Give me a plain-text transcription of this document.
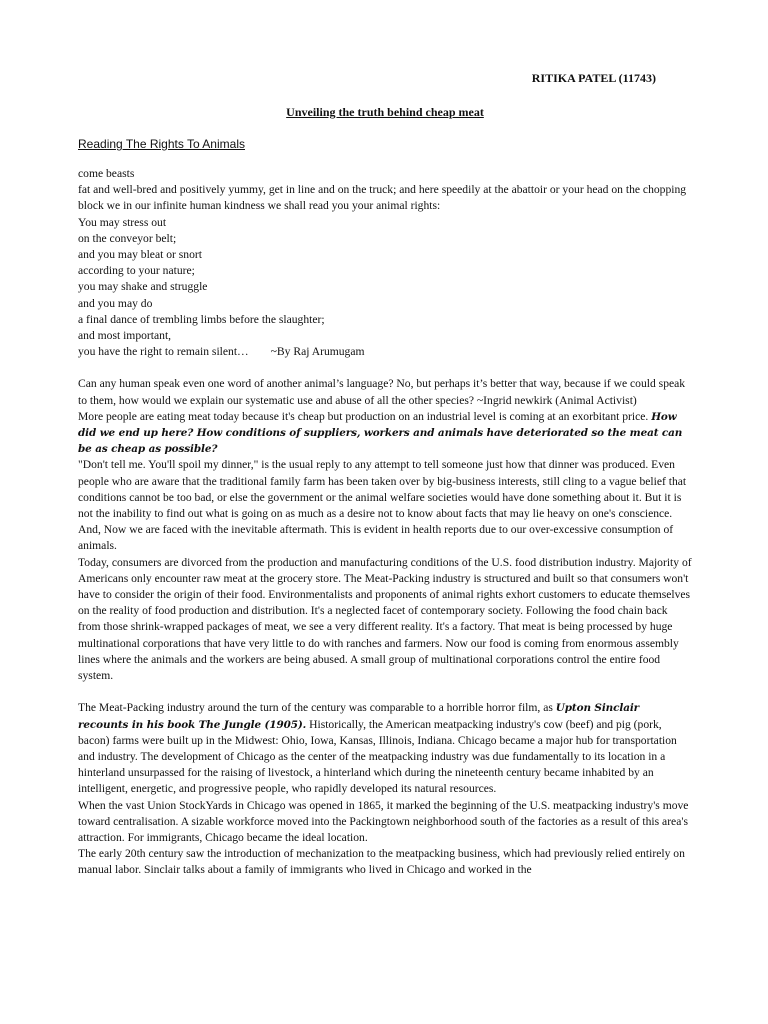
RITIKA PATEL (11743)
Unveiling the truth behind cheap meat
Reading The Rights To Animals
come beasts
fat and well-bred and positively yummy, get in line and on the truck; and here speedily at the abattoir or your head on the chopping block we in our infinite human kindness we shall read you your animal rights:
You may stress out
on the conveyor belt;
and you may bleat or snort
according to your nature;
you may shake and struggle
and you may do
a final dance of trembling limbs before the slaughter;
and most important,
you have the right to remain silent… ~By Raj Arumugam

Can any human speak even one word of another animal’s language? No, but perhaps it’s better that way, because if we could speak to them, how would we explain our systematic use and abuse of all the other species? ~Ingrid newkirk (Animal Activist)

More people are eating meat today because it's cheap but production on an industrial level is coming at an exorbitant price. How did we end up here? How conditions of suppliers, workers and animals have deteriorated so the meat can be as cheap as possible?

"Don't tell me. You'll spoil my dinner," is the usual reply to any attempt to tell someone just how that dinner was produced. Even people who are aware that the traditional family farm has been taken over by big-business interests, still cling to a vague belief that conditions cannot be too bad, or else the government or the animal welfare societies would have done something about it. But it is not the inability to find out what is going on as much as a desire not to know about facts that may lie heavy on one's conscience. And, Now we are faced with the inevitable aftermath. This is evident in health reports due to our over-excessive consumption of animals.

Today, consumers are divorced from the production and manufacturing conditions of the U.S. food distribution industry. Majority of Americans only encounter raw meat at the grocery store. The Meat-Packing industry is structured and built so that consumers won't have to consider the origin of their food. Environmentalists and proponents of animal rights exhort customers to educate themselves on the reality of food production and distribution. It's a neglected facet of contemporary society. Following the food chain back from those shrink-wrapped packages of meat, we see a very different reality. It's a factory. That meat is being processed by huge multinational corporations that have very little to do with ranches and farmers. Now our food is coming from enormous assembly lines where the animals and the workers are being abused. A small group of multinational corporations control the entire food system.

The Meat-Packing industry around the turn of the century was comparable to a horrible horror film, as Upton Sinclair recounts in his book The Jungle (1905). Historically, the American meatpacking industry's cow (beef) and pig (pork, bacon) farms were built up in the Midwest: Ohio, Iowa, Kansas, Illinois, Indiana. Chicago became a major hub for transportation and industry. The development of Chicago as the center of the meatpacking industry was due fundamentally to its location in a hinterland unsurpassed for the raising of livestock, a hinterland which during the nineteenth century became inhabited by an intelligent, energetic, and progressive people, who rapidly developed its natural resources.

When the vast Union StockYards in Chicago was opened in 1865, it marked the beginning of the U.S. meatpacking industry's move toward centralisation. A sizable workforce moved into the Packingtown neighborhood south of the factories as a result of this area's attraction. For immigrants, Chicago became the ideal location.

The early 20th century saw the introduction of mechanization to the meatpacking business, which had previously relied entirely on manual labor. Sinclair talks about a family of immigrants who lived in Chicago and worked in the
